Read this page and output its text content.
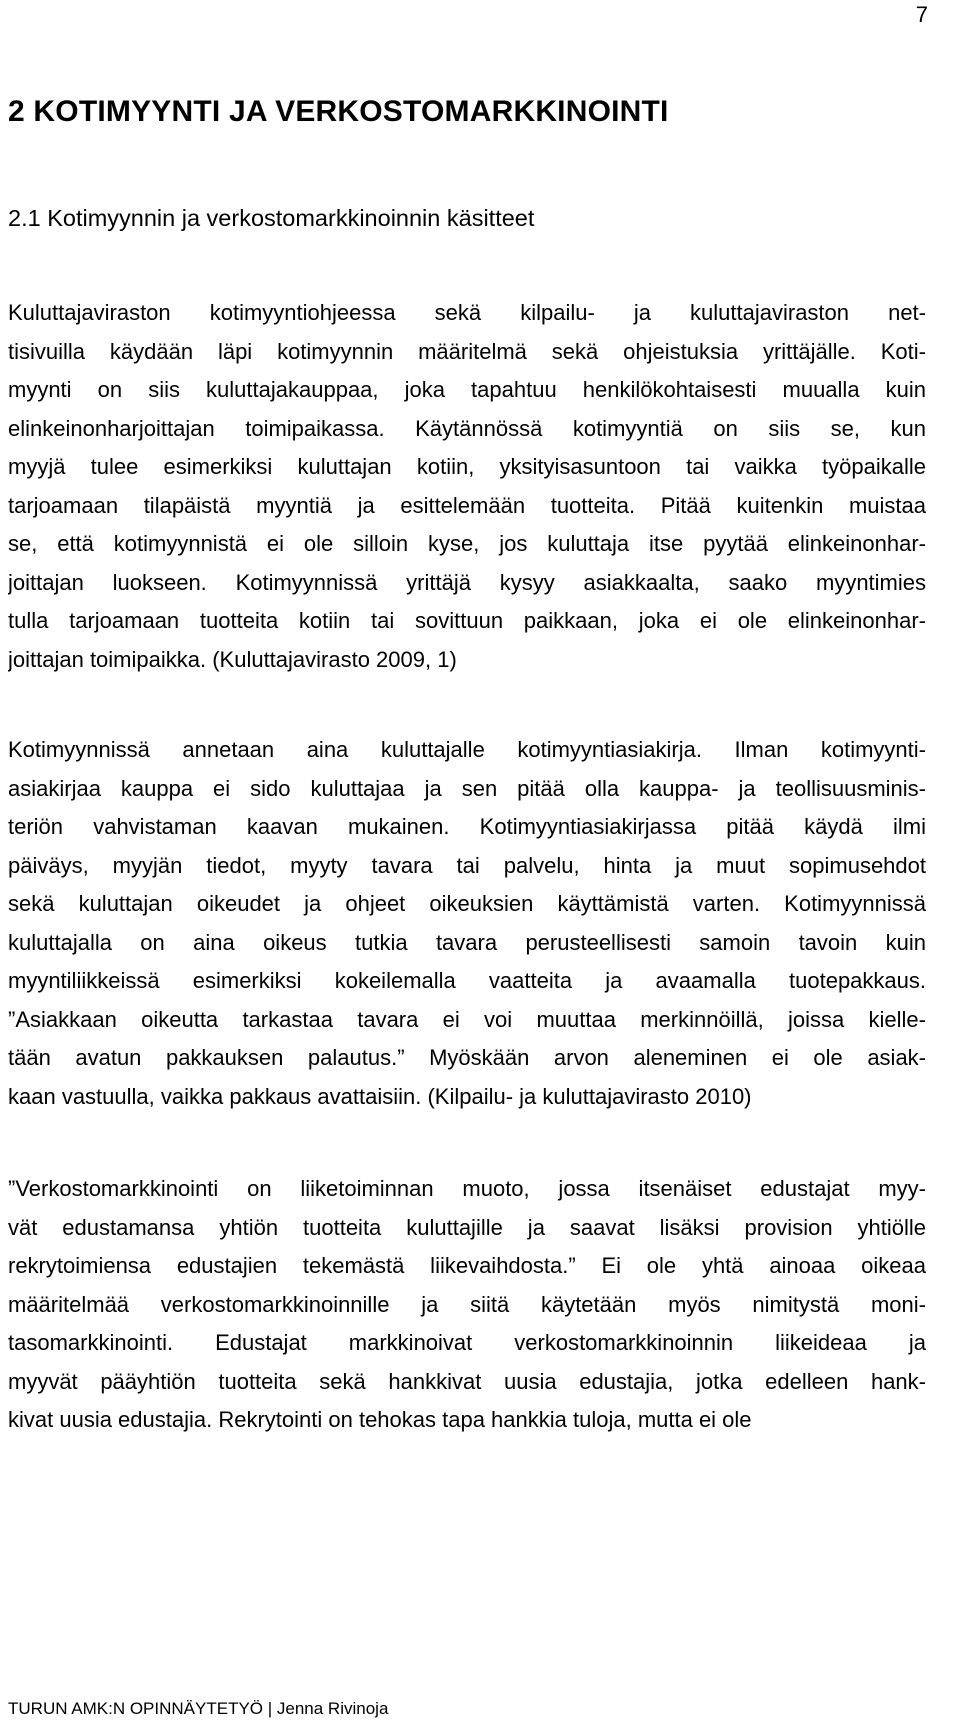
7
2 KOTIMYYNTI JA VERKOSTOMARKKINOINTI
2.1 Kotimyynnin ja verkostomarkkinoinnin käsitteet

Kuluttajaviraston kotimyyntiohjeessa sekä kilpailu- ja kuluttajaviraston net-
tisivuilla käydään läpi kotimyynnin määritelmä sekä ohjeistuksia yrittäjälle. Koti-
myynti on siis kuluttajakauppaa, joka tapahtuu henkilökohtaisesti muualla kuin
elinkeinonharjoittajan toimipaikassa. Käytännössä kotimyyntiä on siis se, kun
myyjä tulee esimerkiksi kuluttajan kotiin, yksityisasuntoon tai vaikka työpaikalle
tarjoamaan tilapäistä myyntiä ja esittelemään tuotteita. Pitää kuitenkin muistaa
se, että kotimyynnistä ei ole silloin kyse, jos kuluttaja itse pyytää elinkeinonhar-
joittajan luokseen. Kotimyynnissä yrittäjä kysyy asiakkaalta, saako myyntimies
tulla tarjoamaan tuotteita kotiin tai sovittuun paikkaan, joka ei ole elinkeinonhar-
joittajan toimipaikka. (Kuluttajavirasto 2009, 1)

Kotimyynnissä annetaan aina kuluttajalle kotimyyntiasiakirja. Ilman kotimyynti-
asiakirjaa kauppa ei sido kuluttajaa ja sen pitää olla kauppa- ja teollisuusminis-
teriön vahvistaman kaavan mukainen. Kotimyyntiasiakirjassa pitää käydä ilmi
päiväys, myyjän tiedot, myyty tavara tai palvelu, hinta ja muut sopimusehdot
sekä kuluttajan oikeudet ja ohjeet oikeuksien käyttämistä varten. Kotimyynnissä
kuluttajalla on aina oikeus tutkia tavara perusteellisesti samoin tavoin kuin
myyntiliikkeissä esimerkiksi kokeilemalla vaatteita ja avaamalla tuotepakkaus.
”Asiakkaan oikeutta tarkastaa tavara ei voi muuttaa merkinnöillä, joissa kielle-
tään avatun pakkauksen palautus.” Myöskään arvon aleneminen ei ole asiak-
kaan vastuulla, vaikka pakkaus avattaisiin. (Kilpailu- ja kuluttajavirasto 2010)

”Verkostomarkkinointi on liiketoiminnan muoto, jossa itsenäiset edustajat myy-
vät edustamansa yhtiön tuotteita kuluttajille ja saavat lisäksi provision yhtiölle
rekrytoimiensa edustajien tekemästä liikevaihdosta.” Ei ole yhtä ainoaa oikeaa
määritelmää verkostomarkkinoinnille ja siitä käytetään myös nimitystä moni-
tasomarkkinointi. Edustajat markkinoivat verkostomarkkinoinnin liikeideaa ja
myyvät pääyhtiön tuotteita sekä hankkivat uusia edustajia, jotka edelleen hank-
kivat uusia edustajia. Rekrytointi on tehokas tapa hankkia tuloja, mutta ei ole

TURUN AMK:N OPINNÄYTETYÖ | Jenna Rivinoja
